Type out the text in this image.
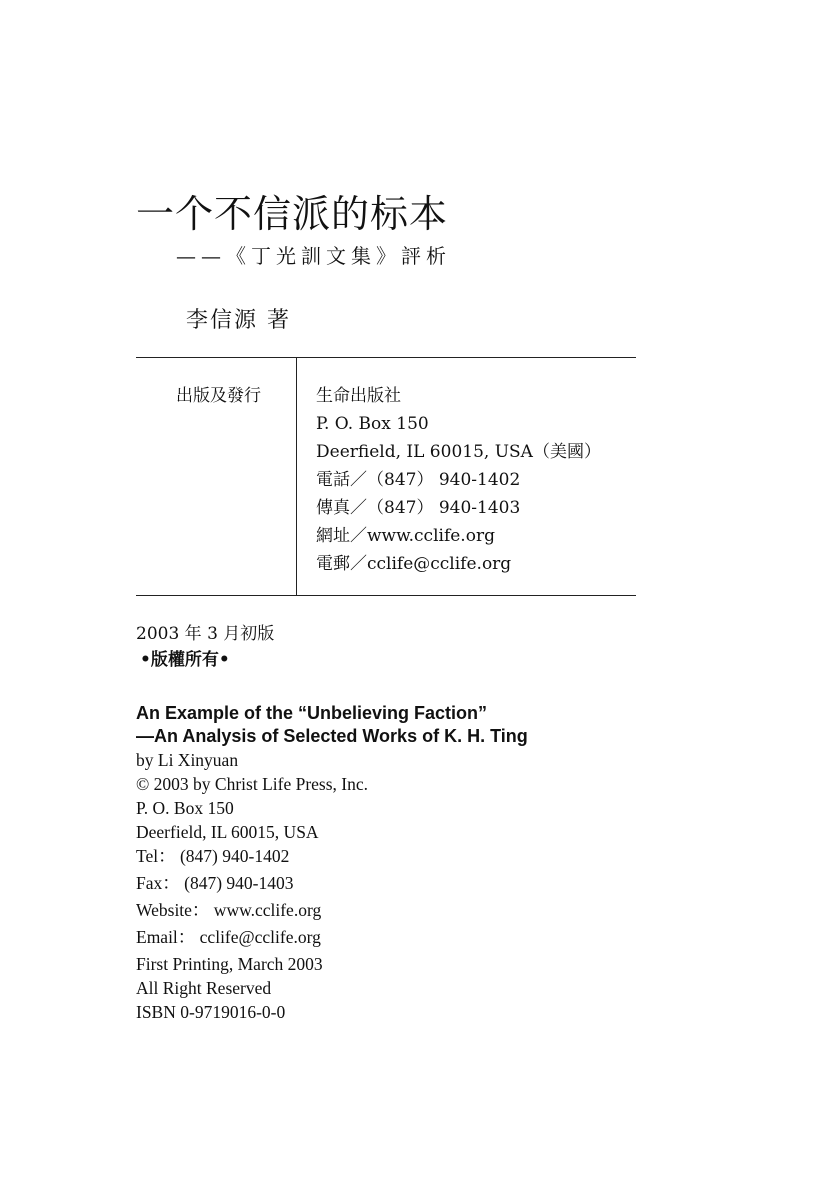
一个不信派的标本
——《丁光訓文集》評析
李信源 著
出版及發行	生命出版社
P. O. Box 150
Deerfield, IL 60015, USA（美國）
電話／（847） 940-1402
傳真／（847） 940-1403
網址／www.cclife.org
電郵／cclife@cclife.org
2003 年 3 月初版
•版權所有•
An Example of the “Unbelieving Faction”
—An Analysis of Selected Works of K. H. Ting
by Li Xinyuan
© 2003 by Christ Life Press, Inc.
P. O. Box 150
Deerfield, IL 60015, USA
Tel： (847) 940-1402
Fax： (847) 940-1403
Website： www.cclife.org
Email： cclife@cclife.org
First Printing, March 2003
All Right Reserved
ISBN 0-9719016-0-0
